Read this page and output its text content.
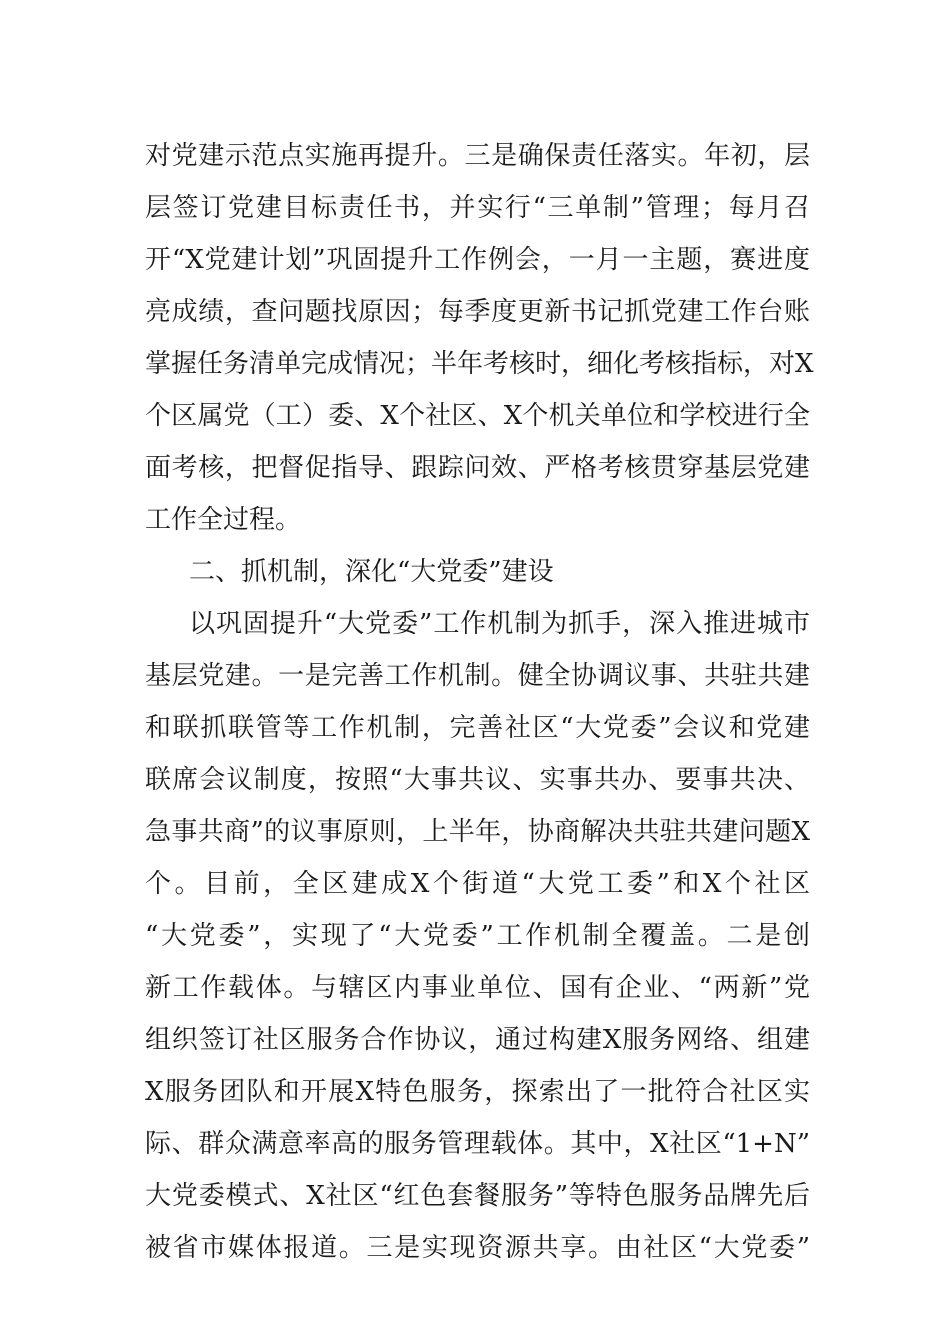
对党建示范点实施再提升。三是确保责任落实。年初，层
层签订党建目标责任书，并实行“三单制”管理；每月召
开“X党建计划”巩固提升工作例会，一月一主题，赛进度
亮成绩，查问题找原因；每季度更新书记抓党建工作台账
掌握任务清单完成情况；半年考核时，细化考核指标，对X
个区属党（工）委、X个社区、X个机关单位和学校进行全
面考核，把督促指导、跟踪问效、严格考核贯穿基层党建
工作全过程。
二、抓机制，深化“大党委”建设
以巩固提升“大党委”工作机制为抓手，深入推进城市
基层党建。一是完善工作机制。健全协调议事、共驻共建
和联抓联管等工作机制，完善社区“大党委”会议和党建
联席会议制度，按照“大事共议、实事共办、要事共决、
急事共商”的议事原则，上半年，协商解决共驻共建问题X
个。目前，全区建成X个街道“大党工委”和X个社区
“大党委”，实现了“大党委”工作机制全覆盖。二是创
新工作载体。与辖区内事业单位、国有企业、“两新”党
组织签订社区服务合作协议，通过构建X服务网络、组建
X服务团队和开展X特色服务，探索出了一批符合社区实
际、群众满意率高的服务管理载体。其中，X社区“1+N”
大党委模式、X社区“红色套餐服务”等特色服务品牌先后
被省市媒体报道。三是实现资源共享。由社区“大党委”
